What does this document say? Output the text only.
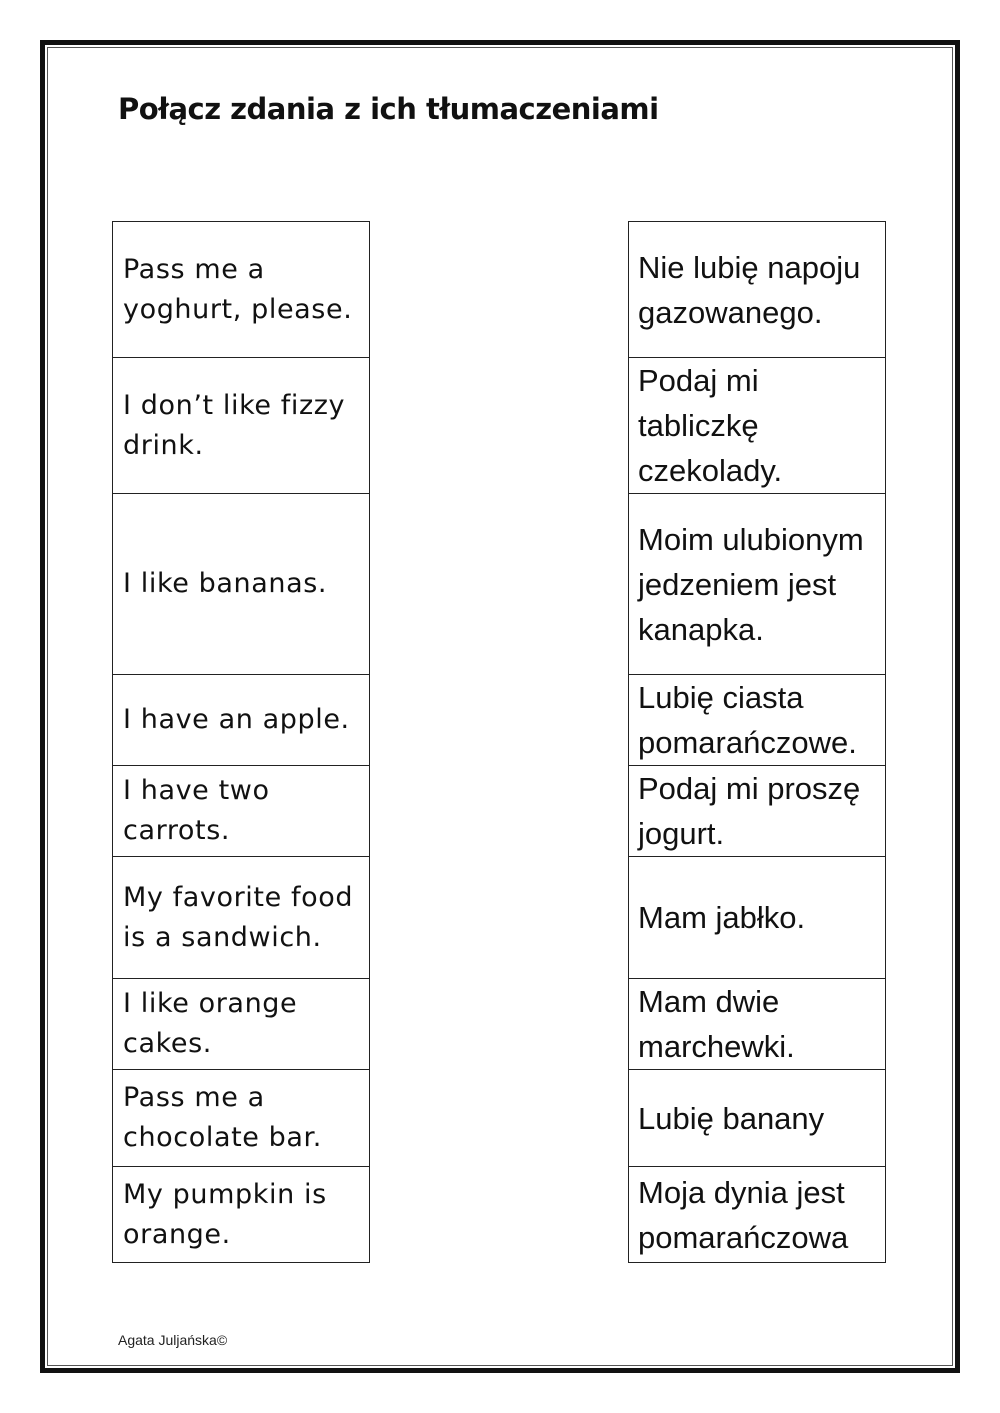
Połącz zdania z ich tłumaczeniami
Pass me a yoghurt, please.
I don’t like fizzy drink.
I like bananas.
I have an apple.
I have two carrots.
My favorite food is a sandwich.
I like orange cakes.
Pass me a chocolate bar.
My pumpkin is orange.
Nie lubię napoju gazowanego.
Podaj mi tabliczkę czekolady.
Moim ulubionym jedzeniem jest kanapka.
Lubię ciasta pomarańczowe.
Podaj mi proszę jogurt.
Mam jabłko.
Mam dwie marchewki.
Lubię banany
Moja dynia jest pomarańczowa
Agata Juljańska©
